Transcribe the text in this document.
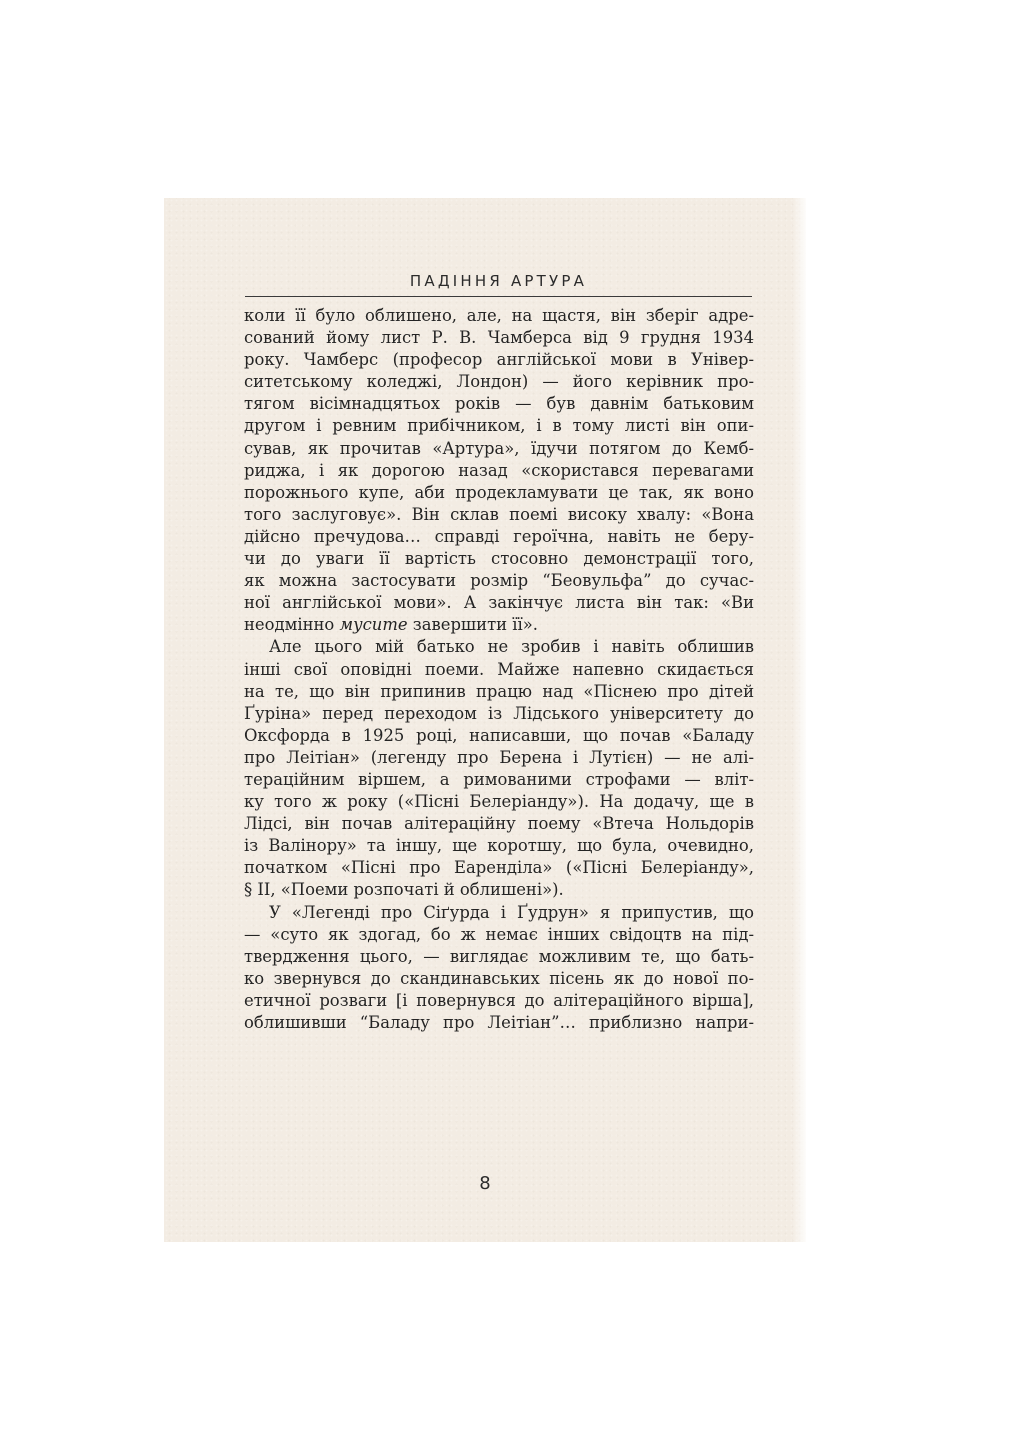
ПАДІННЯ АРТУРА
коли її було облишено, але, на щастя, він зберіг адре-
сований йому лист Р. В. Чамберса від 9 грудня 1934
року. Чамберс (професор англійської мови в Універ-
ситетському коледжі, Лондон) — його керівник про-
тягом вісімнадцятьох років — був давнім батьковим
другом і ревним прибічником, і в тому листі він опи-
сував, як прочитав «Артура», їдучи потягом до Кемб-
риджа, і як дорогою назад «скористався перевагами
порожнього купе, аби продекламувати це так, як воно
того заслуговує». Він склав поемі високу хвалу: «Вона
дійсно пречудова… справді героїчна, навіть не беру-
чи до уваги її вартість стосовно демонстрації того,
як можна застосувати розмір “Беовульфа” до сучас-
ної англійської мови». А закінчує листа він так: «Ви
неодмінно мусите завершити її».
Але цього мій батько не зробив і навіть облишив
інші свої оповідні поеми. Майже напевно скидається
на те, що він припинив працю над «Піснею про дітей
Ґуріна» перед переходом із Лідського університету до
Оксфорда в 1925 році, написавши, що почав «Баладу
про Леітіан» (легенду про Берена і Лутієн) — не алі-
тераційним віршем, а римованими строфами — вліт-
ку того ж року («Пісні Белеріанду»). На додачу, ще в
Лідсі, він почав алітераційну поему «Втеча Нольдорів
із Валінору» та іншу, ще коротшу, що була, очевидно,
початком «Пісні про Еаренділа» («Пісні Белеріанду»,
§ ІІ, «Поеми розпочаті й облишені»).
У «Легенді про Сіґурда і Ґудрун» я припустив, що
— «суто як здогад, бо ж немає інших свідоцтв на під-
твердження цього, — виглядає можливим те, що бать-
ко звернувся до скандинавських пісень як до нової по-
етичної розваги [і повернувся до алітераційного вірша],
облишивши “Баладу про Леітіан”… приблизно напри-
8
